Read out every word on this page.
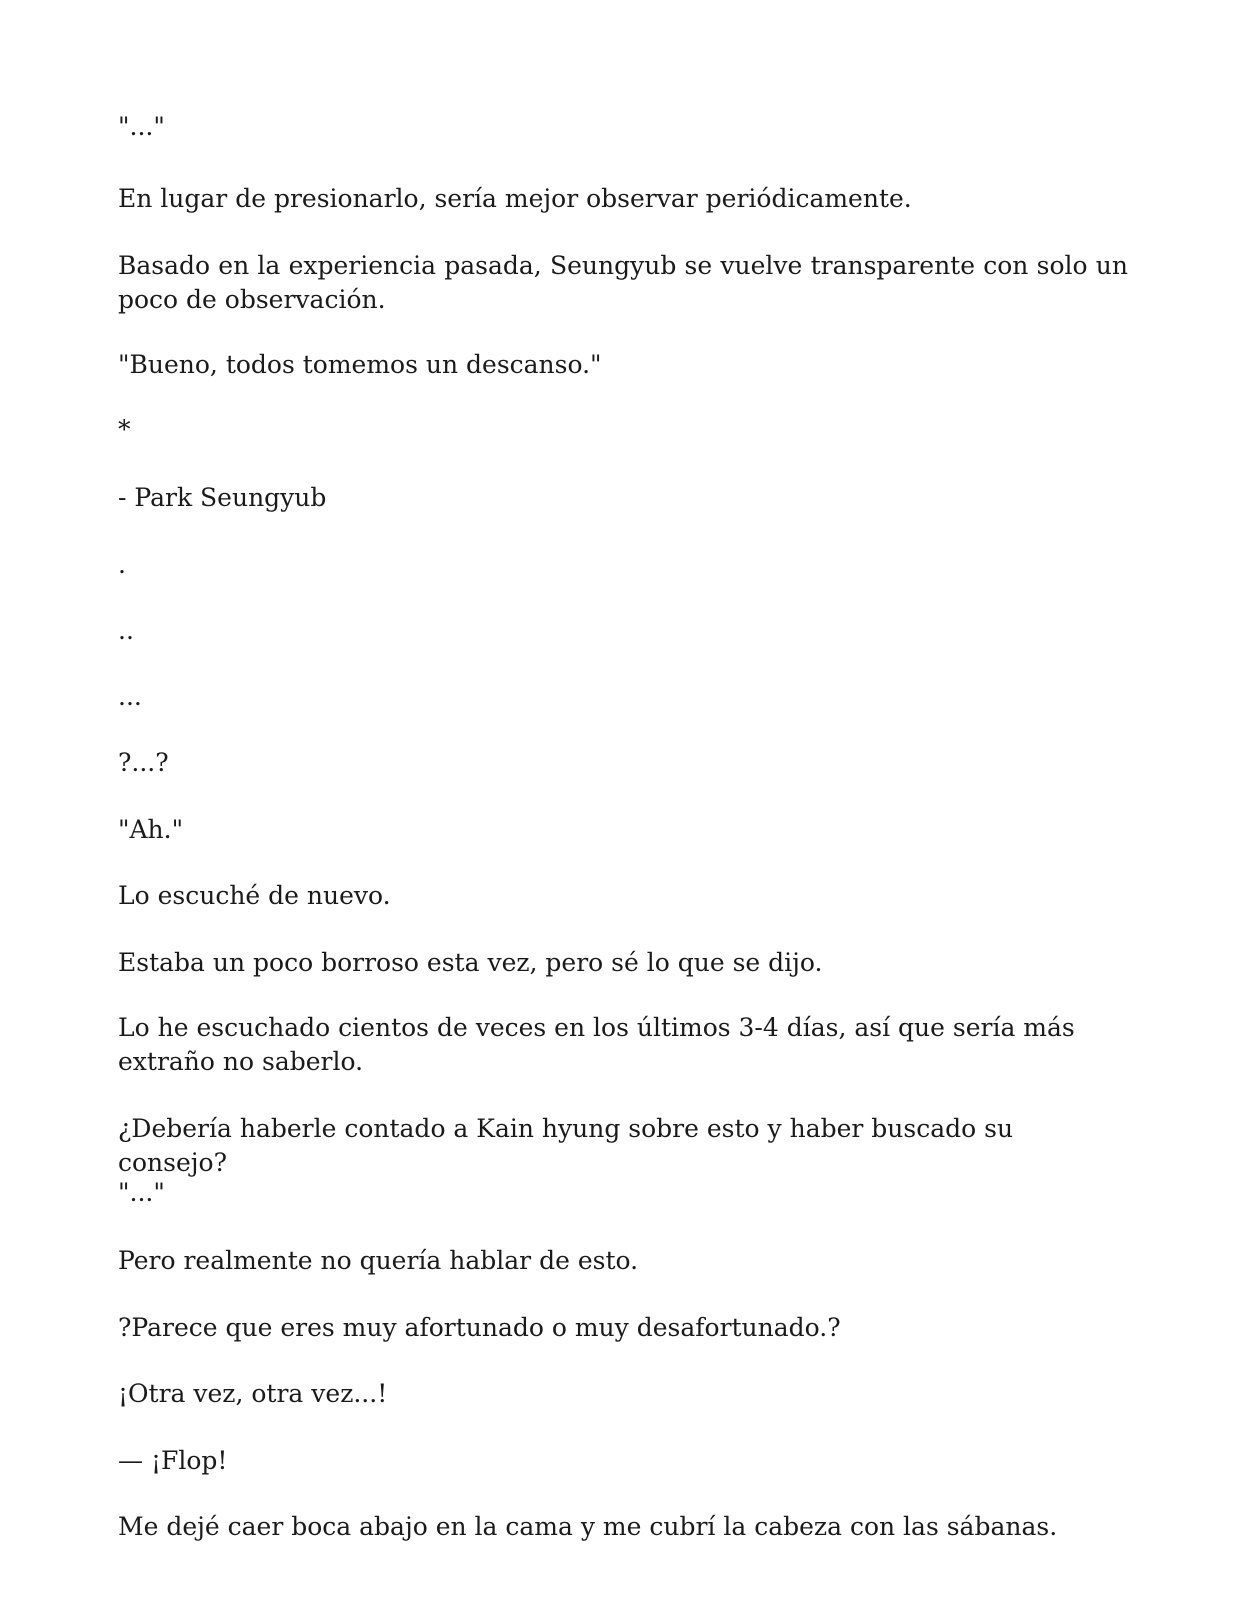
"..."

En lugar de presionarlo, sería mejor observar periódicamente.

Basado en la experiencia pasada, Seungyub se vuelve transparente con solo un poco de observación.

"Bueno, todos tomemos un descanso."

*

- Park Seungyub

.

..

...

?...?

"Ah."

Lo escuché de nuevo.

Estaba un poco borroso esta vez, pero sé lo que se dijo.

Lo he escuchado cientos de veces en los últimos 3-4 días, así que sería más extraño no saberlo.

¿Debería haberle contado a Kain hyung sobre esto y haber buscado su consejo?

"..."

Pero realmente no quería hablar de esto.

?Parece que eres muy afortunado o muy desafortunado.?

¡Otra vez, otra vez...!

— ¡Flop!

Me dejé caer boca abajo en la cama y me cubrí la cabeza con las sábanas.
